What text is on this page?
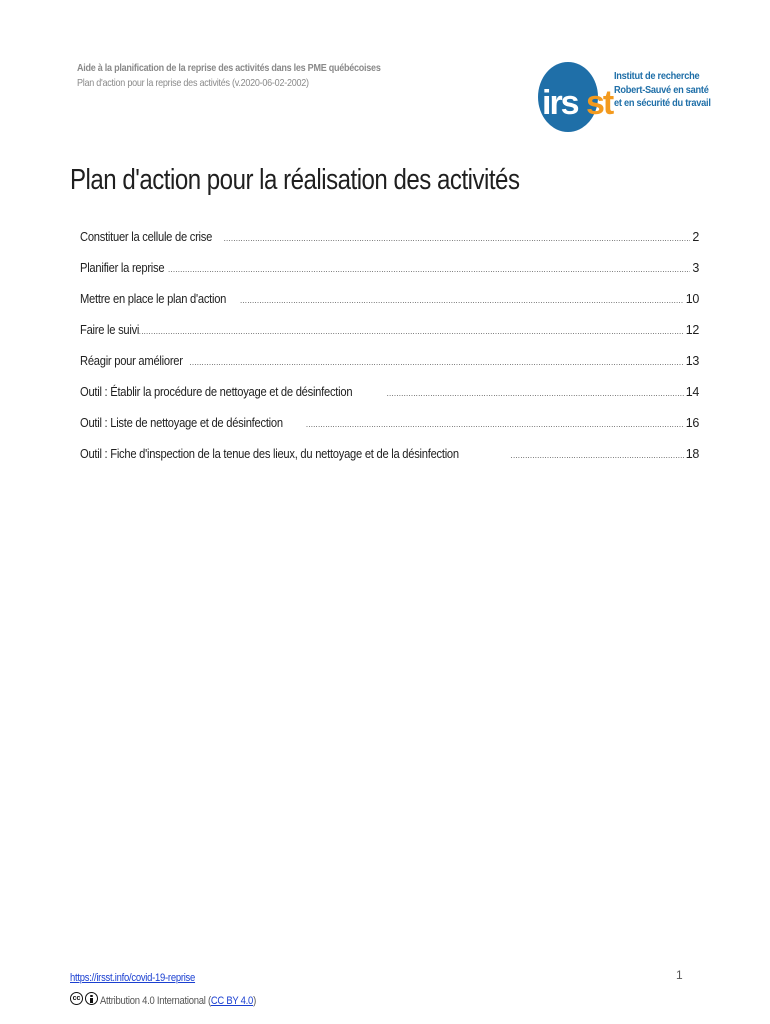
Aide à la planification de la reprise des activités dans les PME québécoises
Plan d'action pour la reprise des activités (v.2020-06-02-2002)
irs st
Institut de recherche
Robert-Sauvé en santé
et en sécurité du travail
Plan d'action pour la réalisation des activités
Constituer la cellule de crise .....	2
Planifier la reprise .....	3
Mettre en place le plan d'action .....	10
Faire le suivi .....	12
Réagir pour améliorer .....	13
Outil : Établir la procédure de nettoyage et de désinfection .....	14
Outil : Liste de nettoyage et de désinfection .....	16
Outil : Fiche d'inspection de la tenue des lieux, du nettoyage et de la désinfection .....	18
https://irsst.info/covid-19-reprise
cc Attribution 4.0 International (CC BY 4.0)
1
